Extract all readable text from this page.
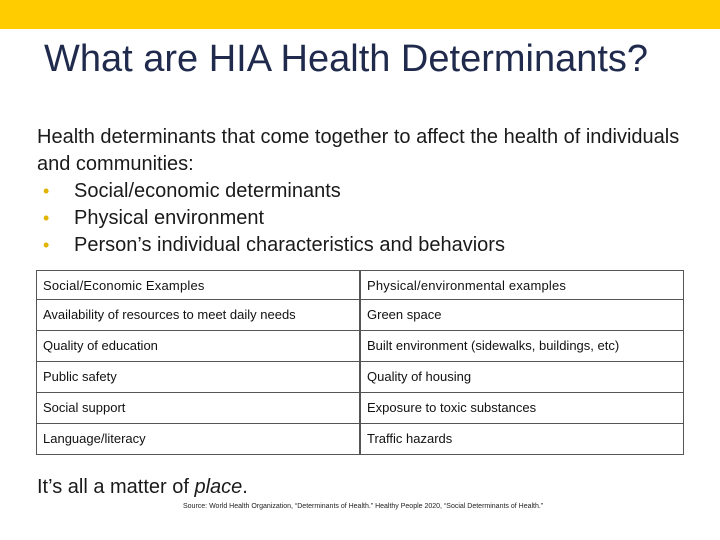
What are HIA Health Determinants?
Health determinants that come together to affect the health of individuals and communities:
• Social/economic determinants
• Physical environment
• Person’s individual characteristics and behaviors
Social/Economic Examples
Availability of resources to meet daily needs
Quality of education
Public safety
Social support
Language/literacy
Physical/environmental examples
Green space
Built environment (sidewalks, buildings, etc)
Quality of housing
Exposure to toxic substances
Traffic hazards
It’s all a matter of place.
Source: World Health Organization, “Determinants of Health.” Healthy People 2020, “Social Determinants of Health.”
